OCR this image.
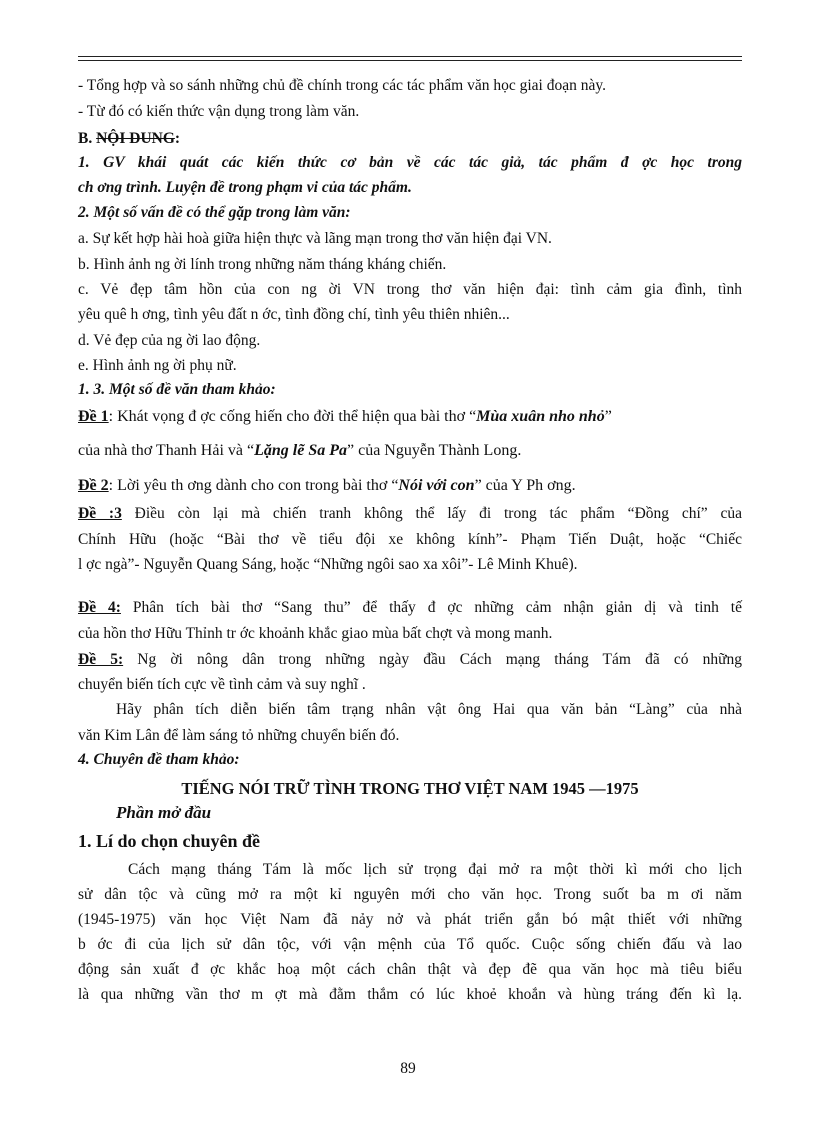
- Tổng hợp và so sánh những chủ đề chính trong các tác phẩm văn học giai đoạn này.
- Từ đó có kiến thức vận dụng trong làm văn.
B. NỘI DUNG:
1. GV khái quát các kiến thức cơ bản về các tác giả, tác phẩm đ ợc học trong
ch ơng trình. Luyện đề trong phạm vi của tác phẩm.
2. Một số vấn đề có thể gặp trong làm văn:
a. Sự kết hợp hài hoà giữa hiện thực và lãng mạn trong thơ văn hiện đại VN.
b. Hình ảnh ng ời lính trong những năm tháng kháng chiến.
c. Vẻ đẹp tâm hồn của con ng ời VN trong thơ văn hiện đại: tình cảm gia đình, tình
yêu quê h ơng, tình yêu đất n ớc, tình đồng chí, tình yêu thiên nhiên...
d. Vẻ đẹp của ng ời lao động.
e. Hình ảnh ng ời phụ nữ.
1. 3. Một số đề văn tham khảo:
Đề 1: Khát vọng đ ợc cống hiến cho đời thể hiện qua bài thơ “Mùa xuân nho nhỏ”
của nhà thơ Thanh Hải và “Lặng lẽ Sa Pa” của Nguyễn Thành Long.
Đề 2: Lời yêu th ơng dành cho con trong bài thơ “Nói với con” của Y Ph ơng.
Đề :3 Điều còn lại mà chiến tranh không thể lấy đi trong tác phẩm “Đồng chí” của
Chính Hữu (hoặc “Bài thơ về tiểu đội xe không kính”- Phạm Tiến Duật, hoặc “Chiếc
l ợc ngà”- Nguyễn Quang Sáng, hoặc “Những ngôi sao xa xôi”- Lê Minh Khuê).
Đề 4: Phân tích bài thơ “Sang thu” để thấy đ ợc những cảm nhận giản dị và tinh tế
của hồn thơ Hữu Thỉnh tr ớc khoảnh khắc giao mùa bất chợt và mong manh.
Đề 5: Ng ời nông dân trong những ngày đầu Cách mạng tháng Tám đã có những
chuyển biến tích cực về tình cảm và suy nghĩ .
Hãy phân tích diễn biến tâm trạng nhân vật ông Hai qua văn bản “Làng” của nhà
văn Kim Lân để làm sáng tỏ những chuyển biến đó.
4. Chuyên đề tham khảo:
TIẾNG NÓI TRỮ TÌNH TRONG THƠ VIỆT NAM 1945 —1975
Phần mở đầu
1. Lí do chọn chuyên đề
Cách mạng tháng Tám là mốc lịch sử trọng đại mở ra một thời kì mới cho lịch
sử dân tộc và cũng mở ra một kỉ nguyên mới cho văn học. Trong suốt ba m ơi năm
(1945-1975) văn học Việt Nam đã nảy nở và phát triển gắn bó mật thiết với những
b ớc đi của lịch sử dân tộc, với vận mệnh của Tổ quốc. Cuộc sống chiến đấu và lao
động sản xuất đ ợc khắc hoạ một cách chân thật và đẹp đẽ qua văn học mà tiêu biểu
là qua những vần thơ m ợt mà đằm thắm có lúc khoẻ khoắn và hùng tráng đến kì lạ.
89
